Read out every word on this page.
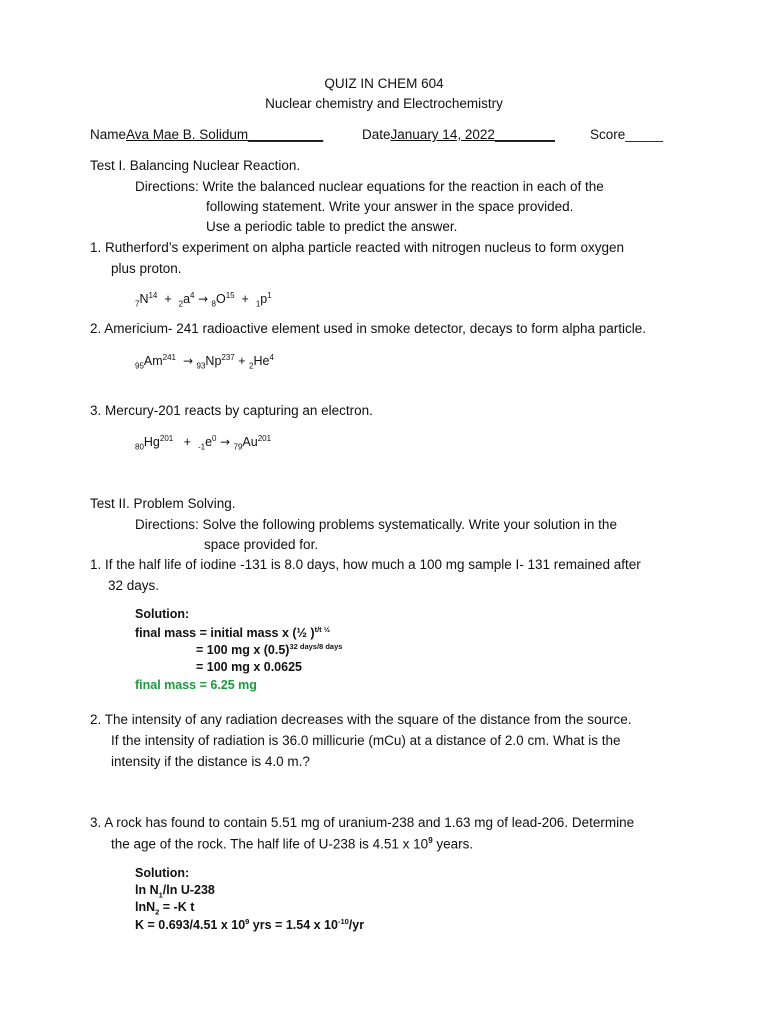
QUIZ IN CHEM 604
Nuclear chemistry and Electrochemistry
NameAva Mae B. Solidum__________	DateJanuary 14, 2022________	Score_____
Test I. Balancing Nuclear Reaction.
Directions: Write the balanced nuclear equations for the reaction in each of the
following statement. Write your answer in the space provided.
Use a periodic table to predict the answer.
1. Rutherford’s experiment on alpha particle reacted with nitrogen nucleus to form oxygen
plus proton.
$_7N^{14} + _2a^4 \to _8O^{15} + _1p^1$
2. Americium- 241 radioactive element used in smoke detector, decays to form alpha particle.
$_{95}Am^{241} \to _{93}Np^{237} + _2He^4$
3. Mercury-201 reacts by capturing an electron.
$_{80}Hg^{201} + _{-1}e^0 \to _{79}Au^{201}$
Test II. Problem Solving.
Directions: Solve the following problems systematically. Write your solution in the
space provided for.
1. If the half life of iodine -131 is 8.0 days, how much a 100 mg sample I- 131 remained after
32 days.
Solution:
final mass = initial mass x (½ )$^{t/t \frac{1}{2}}$
= 100 mg x $(0.5)^{32 days/8 days}$
= 100 mg x 0.0625
final mass = 6.25 mg
2. The intensity of any radiation decreases with the square of the distance from the source.
If the intensity of radiation is 36.0 millicurie (mCu) at a distance of 2.0 cm. What is the
intensity if the distance is 4.0 m.?
3. A rock has found to contain 5.51 mg of uranium-238 and 1.63 mg of lead-206. Determine
the age of the rock. The half life of U-238 is 4.51 x $10^9$ years.
Solution:
$\ln N_1/\ln$ U-238
lnN$_2$ = -K t
K = 0.693/4.51 x $10^9$ yrs = 1.54 x $10^{-10}/yr$
